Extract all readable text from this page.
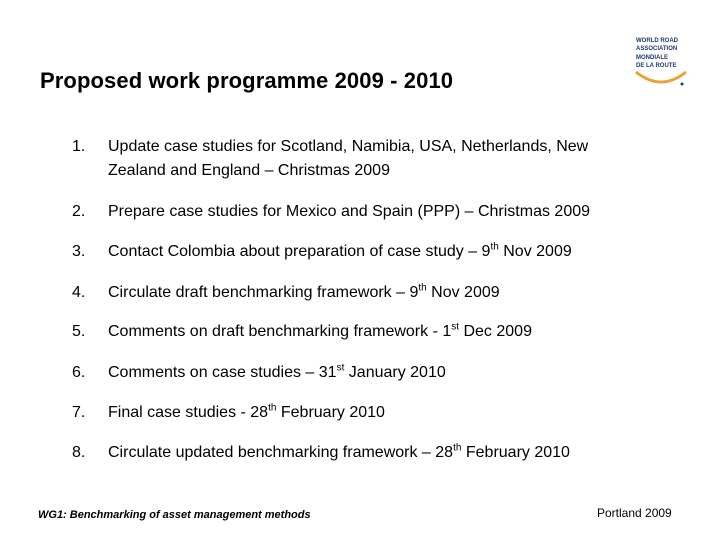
Proposed work programme 2009 - 2010
WORLD ROAD
ASSOCIATION
MONDIALE
DE LA ROUTE
1.	Update case studies for Scotland, Namibia, USA, Netherlands, New
Zealand and England – Christmas 2009
2.	Prepare case studies for Mexico and Spain (PPP) – Christmas 2009
3.	Contact Colombia about preparation of case study – 9th Nov 2009
4.	Circulate draft benchmarking framework – 9th Nov 2009
5.	Comments on draft benchmarking framework - 1st Dec 2009
6.	Comments on case studies – 31st January 2010
7.	Final case studies - 28th February 2010
8.	Circulate updated benchmarking framework – 28th February 2010
WG1: Benchmarking of asset management methods	Portland 2009
